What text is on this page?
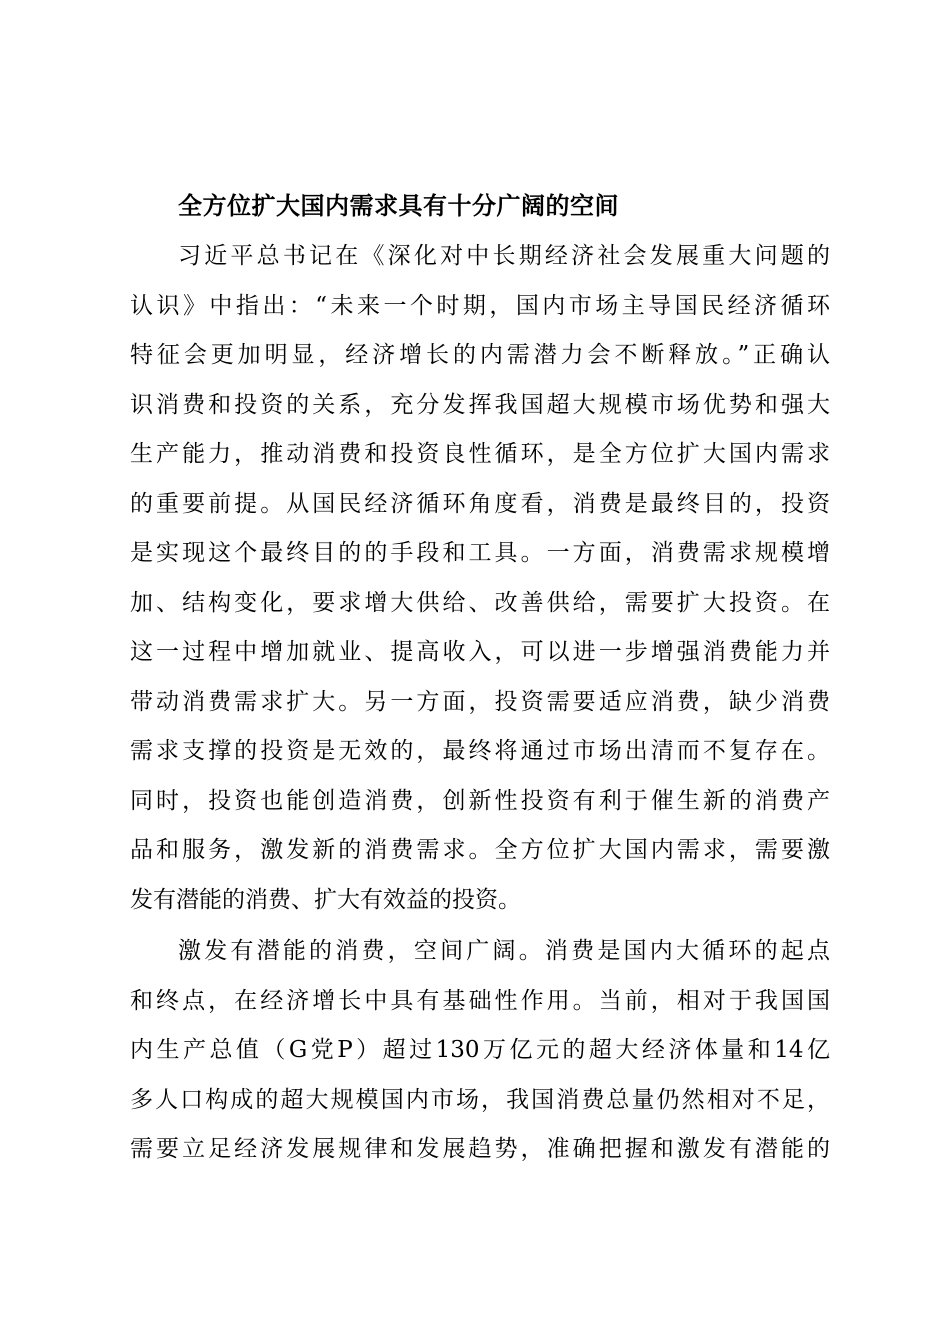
全方位扩大国内需求具有十分广阔的空间
习近平总书记在《深化对中长期经济社会发展重大问题的
认识》中指出：“未来一个时期，国内市场主导国民经济循环
特征会更加明显，经济增长的内需潜力会不断释放。”正确认
识消费和投资的关系，充分发挥我国超大规模市场优势和强大
生产能力，推动消费和投资良性循环，是全方位扩大国内需求
的重要前提。从国民经济循环角度看，消费是最终目的，投资
是实现这个最终目的的手段和工具。一方面，消费需求规模增
加、结构变化，要求增大供给、改善供给，需要扩大投资。在
这一过程中增加就业、提高收入，可以进一步增强消费能力并
带动消费需求扩大。另一方面，投资需要适应消费，缺少消费
需求支撑的投资是无效的，最终将通过市场出清而不复存在。
同时，投资也能创造消费，创新性投资有利于催生新的消费产
品和服务，激发新的消费需求。全方位扩大国内需求，需要激
发有潜能的消费、扩大有效益的投资。
激发有潜能的消费，空间广阔。消费是国内大循环的起点
和终点，在经济增长中具有基础性作用。当前，相对于我国国
内生产总值（G党P）超过130万亿元的超大经济体量和14亿
多人口构成的超大规模国内市场，我国消费总量仍然相对不足，
需要立足经济发展规律和发展趋势，准确把握和激发有潜能的
